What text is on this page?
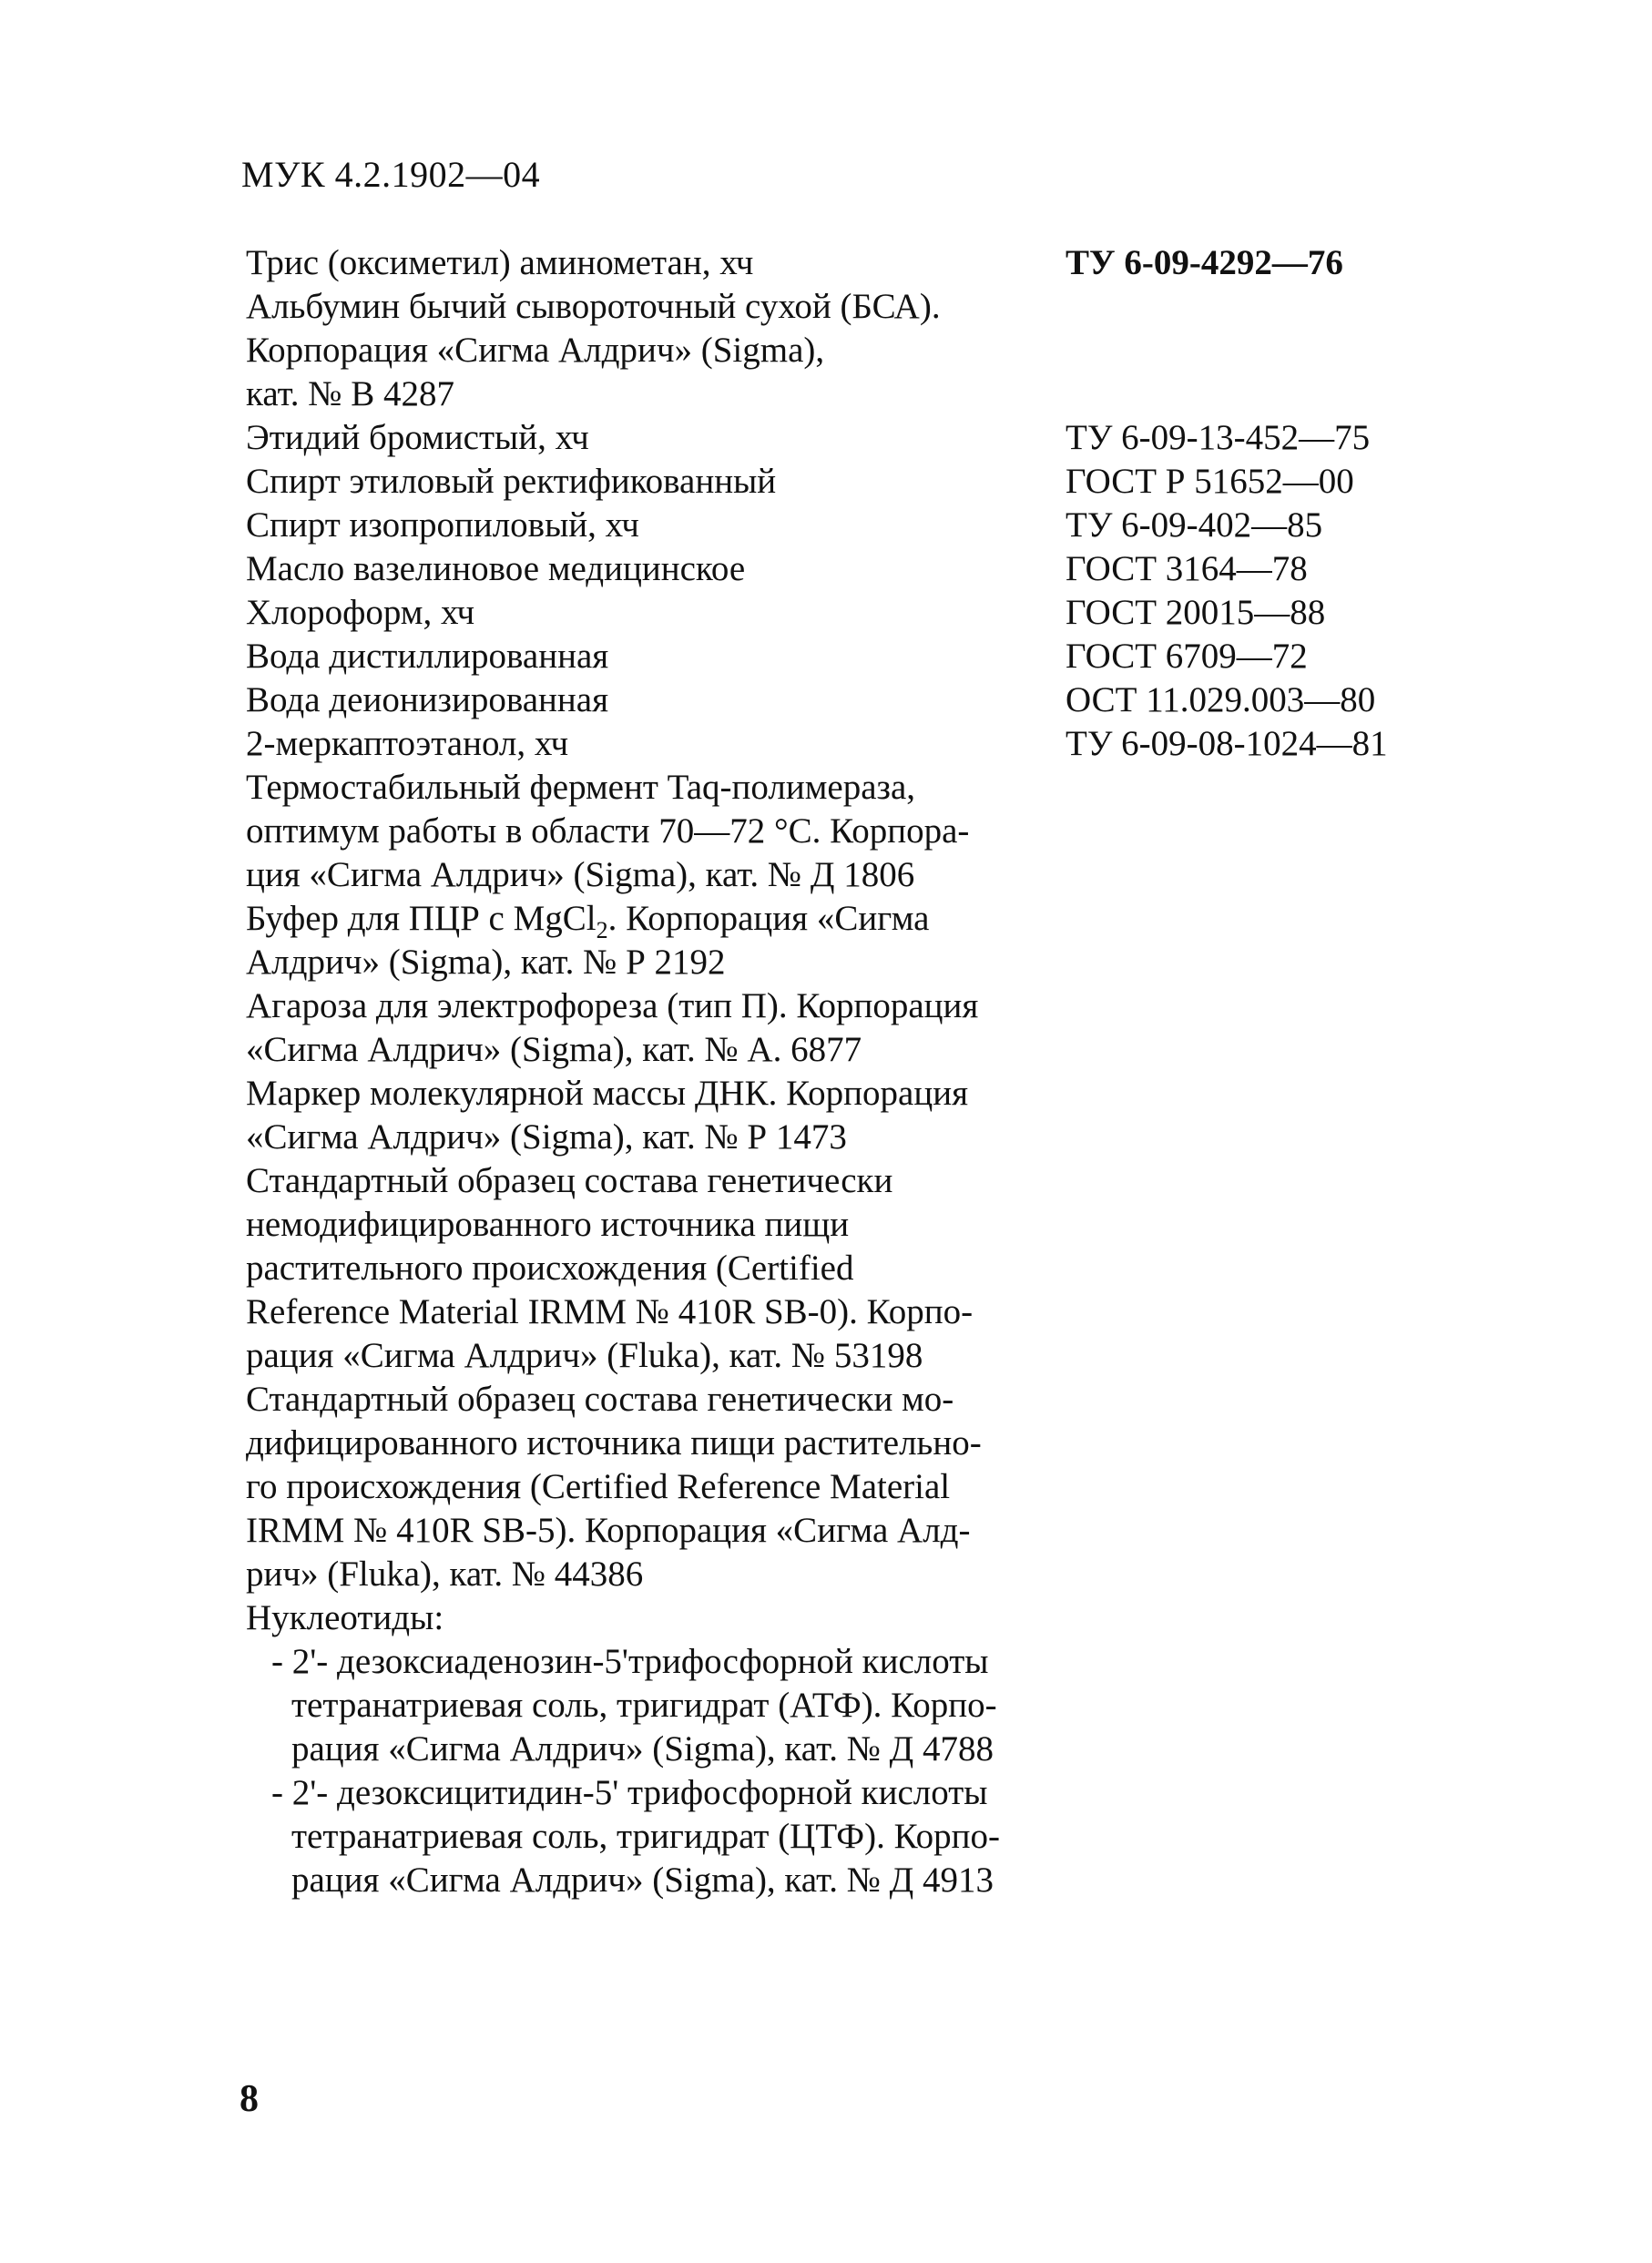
МУК 4.2.1902—04
Трис (оксиметил) аминометан, хч	ТУ 6-09-4292—76
Альбумин бычий сывороточный сухой (БСА).
Корпорация «Сигма Алдрич» (Sigma),
кат. № В 4287
Этидий бромистый, хч	ТУ 6-09-13-452—75
Спирт этиловый ректификованный	ГОСТ Р 51652—00
Спирт изопропиловый, хч	ТУ 6-09-402—85
Масло вазелиновое медицинское	ГОСТ 3164—78
Хлороформ, хч	ГОСТ 20015—88
Вода дистиллированная	ГОСТ 6709—72
Вода деионизированная	ОСТ 11.029.003—80
2-меркаптоэтанол, хч	ТУ 6-09-08-1024—81
Термостабильный фермент Taq-полимераза,
оптимум работы в области 70—72 °С. Корпора-
ция «Сигма Алдрич» (Sigma), кат. № Д 1806
Буфер для ПЦР с MgCl$_2$. Корпорация «Сигма
Алдрич» (Sigma), кат. № Р 2192
Агароза для электрофореза (тип П). Корпорация
«Сигма Алдрич» (Sigma), кат. № А. 6877
Маркер молекулярной массы ДНК. Корпорация
«Сигма Алдрич» (Sigma), кат. № Р 1473
Стандартный образец состава генетически
немодифицированного источника пищи
растительного происхождения (Certified
Reference Material IRMM № 410R SB-0). Корпо-
рация «Сигма Алдрич» (Fluka), кат. № 53198
Стандартный образец состава генетически мо-
дифицированного источника пищи растительно-
го происхождения (Certified Reference Material
IRMM № 410R SB-5). Корпорация «Сигма Алд-
рич» (Fluka), кат. № 44386
Нуклеотиды:
- 2'- дезоксиаденозин-5'трифосфорной кислоты
тетранатриевая соль, тригидрат (АТФ). Корпо-
рация «Сигма Алдрич» (Sigma), кат. № Д 4788
- 2'- дезоксицитидин-5' трифосфорной кислоты
тетранатриевая соль, тригидрат (ЦТФ). Корпо-
рация «Сигма Алдрич» (Sigma), кат. № Д 4913
8
